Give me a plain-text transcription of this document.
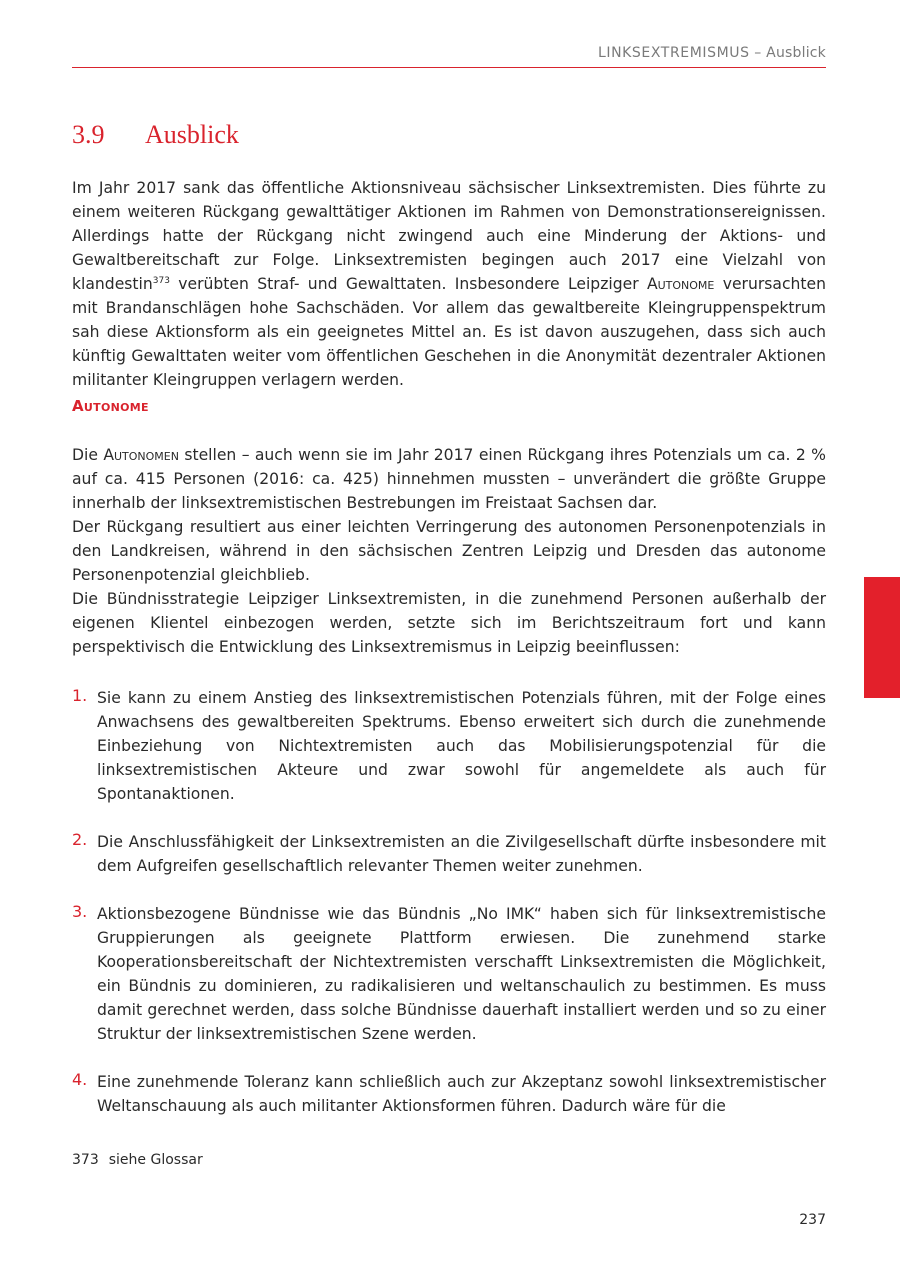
LINKSEXTREMISMUS – Ausblick
3.9 Ausblick

Im Jahr 2017 sank das öffentliche Aktionsniveau sächsischer Linksextremisten. Dies führte zu einem weiteren Rückgang gewalttätiger Aktionen im Rahmen von Demonstrationsereignissen. Allerdings hatte der Rückgang nicht zwingend auch eine Minderung der Aktions- und Gewaltbereitschaft zur Folge. Linksextremisten begingen auch 2017 eine Vielzahl von klandestin$^{373}$ verübten Straf- und Gewalttaten. Insbesondere Leipziger Autonome verursachten mit Brandanschlägen hohe Sachschäden. Vor allem das gewaltbereite Kleingruppenspektrum sah diese Aktionsform als ein geeignetes Mittel an. Es ist davon auszugehen, dass sich auch künftig Gewalttaten weiter vom öffentlichen Geschehen in die Anonymität dezentraler Aktionen militanter Kleingruppen verlagern werden.

Autonome

Die Autonomen stellen – auch wenn sie im Jahr 2017 einen Rückgang ihres Potenzials um ca. 2 % auf ca. 415 Personen (2016: ca. 425) hinnehmen mussten – unverändert die größte Gruppe innerhalb der linksextremistischen Bestrebungen im Freistaat Sachsen dar.

Der Rückgang resultiert aus einer leichten Verringerung des autonomen Personenpotenzials in den Landkreisen, während in den sächsischen Zentren Leipzig und Dresden das autonome Personenpotenzial gleichblieb.

Die Bündnisstrategie Leipziger Linksextremisten, in die zunehmend Personen außerhalb der eigenen Klientel einbezogen werden, setzte sich im Berichtszeitraum fort und kann perspektivisch die Entwicklung des Linksextremismus in Leipzig beeinflussen:

1. Sie kann zu einem Anstieg des linksextremistischen Potenzials führen, mit der Folge eines Anwachsens des gewaltbereiten Spektrums. Ebenso erweitert sich durch die zunehmende Einbeziehung von Nichtextremisten auch das Mobilisierungspotenzial für die linksextremistischen Akteure und zwar sowohl für angemeldete als auch für Spontanaktionen.
2. Die Anschlussfähigkeit der Linksextremisten an die Zivilgesellschaft dürfte insbesondere mit dem Aufgreifen gesellschaftlich relevanter Themen weiter zunehmen.
3. Aktionsbezogene Bündnisse wie das Bündnis „No IMK“ haben sich für linksextremistische Gruppierungen als geeignete Plattform erwiesen. Die zunehmend starke Kooperationsbereitschaft der Nichtextremisten verschafft Linksextremisten die Möglichkeit, ein Bündnis zu dominieren, zu radikalisieren und weltanschaulich zu bestimmen. Es muss damit gerechnet werden, dass solche Bündnisse dauerhaft installiert werden und so zu einer Struktur der linksextremistischen Szene werden.
4. Eine zunehmende Toleranz kann schließlich auch zur Akzeptanz sowohl linksextremistischer Weltanschauung als auch militanter Aktionsformen führen. Dadurch wäre für die
373 siehe Glossar
237
